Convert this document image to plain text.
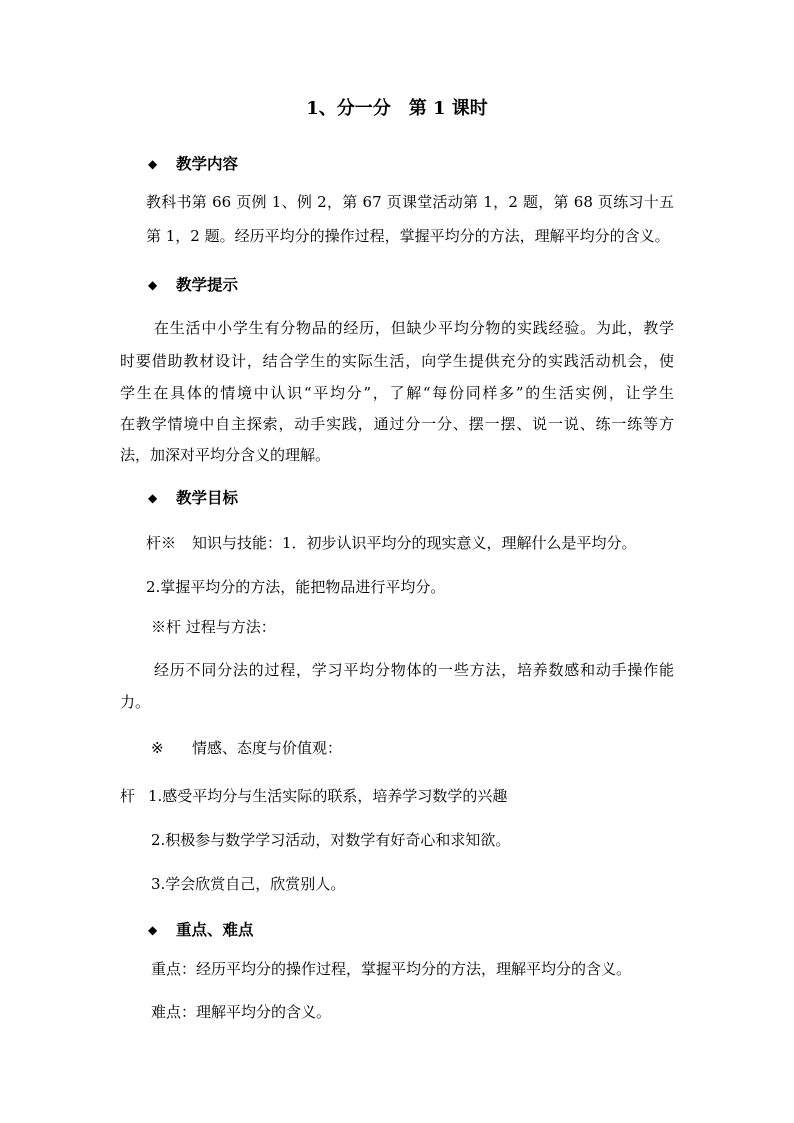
1、分一分　第 1 课时
◆ 教学内容
教科书第 66 页例 1、例 2，第 67 页课堂活动第 1，2 题，第 68 页练习十五
第 1，2 题。经历平均分的操作过程，掌握平均分的方法，理解平均分的含义。
◆ 教学提示
在生活中小学生有分物品的经历，但缺少平均分物的实践经验。为此，教学
时要借助教材设计，结合学生的实际生活，向学生提供充分的实践活动机会，使
学生在具体的情境中认识“平均分”，了解“每份同样多”的生活实例，让学生
在教学情境中自主探索，动手实践，通过分一分、摆一摆、说一说、练一练等方
法，加深对平均分含义的理解。
◆ 教学目标
杆※ 知识与技能：1．初步认识平均分的现实意义，理解什么是平均分。
2.掌握平均分的方法，能把物品进行平均分。
※杆 过程与方法：
经历不同分法的过程，学习平均分物体的一些方法，培养数感和动手操作能
力。
※ 情感、态度与价值观：
杆 1.感受平均分与生活实际的联系，培养学习数学的兴趣
2.积极参与数学学习活动，对数学有好奇心和求知欲。
3.学会欣赏自己，欣赏别人。
◆ 重点、难点
重点：经历平均分的操作过程，掌握平均分的方法，理解平均分的含义。
难点：理解平均分的含义。
